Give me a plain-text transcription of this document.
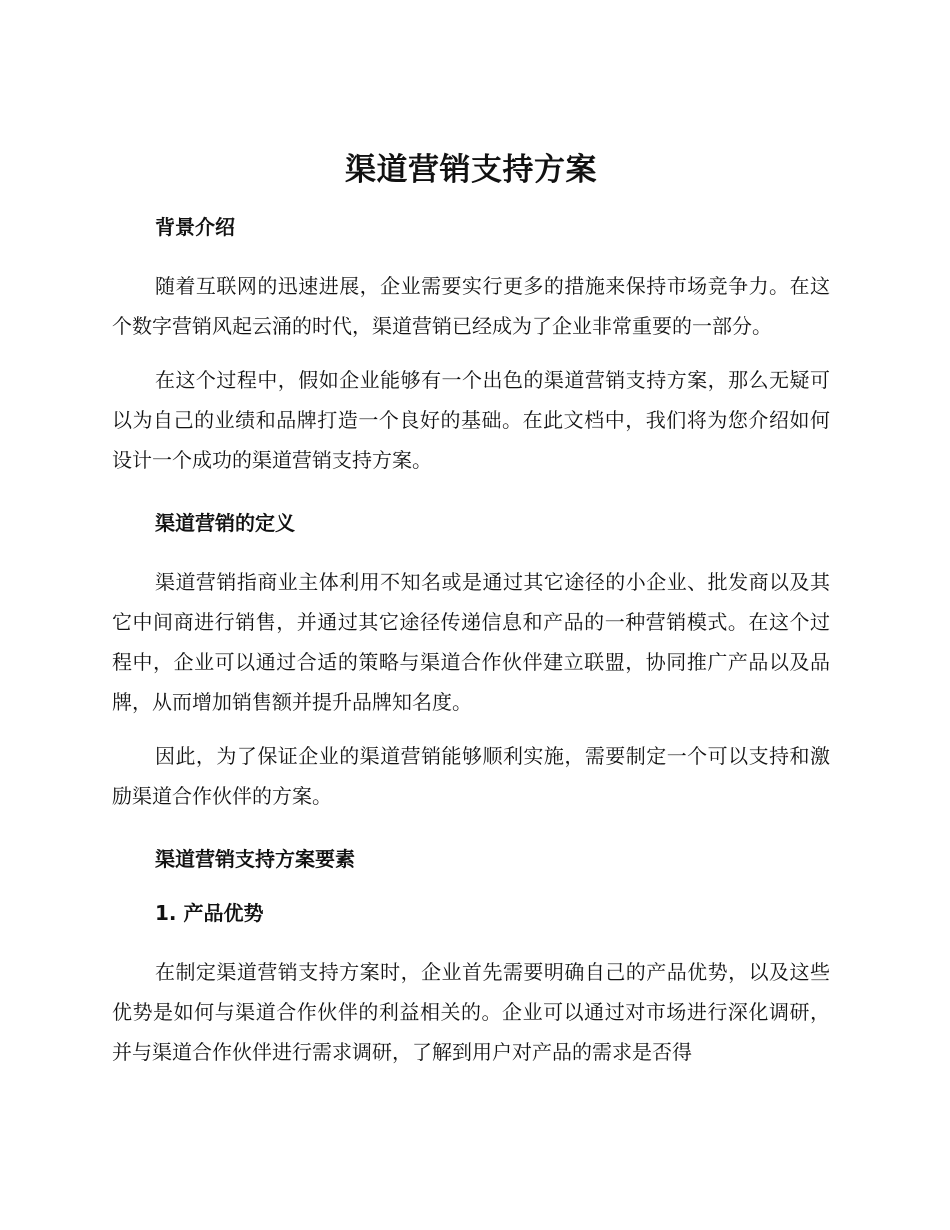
渠道营销支持方案
背景介绍

随着互联网的迅速进展，企业需要实行更多的措施来保持市场竞争力。在这个数字营销风起云涌的时代，渠道营销已经成为了企业非常重要的一部分。

在这个过程中，假如企业能够有一个出色的渠道营销支持方案，那么无疑可以为自己的业绩和品牌打造一个良好的基础。在此文档中，我们将为您介绍如何设计一个成功的渠道营销支持方案。

渠道营销的定义

渠道营销指商业主体利用不知名或是通过其它途径的小企业、批发商以及其它中间商进行销售，并通过其它途径传递信息和产品的一种营销模式。在这个过程中，企业可以通过合适的策略与渠道合作伙伴建立联盟，协同推广产品以及品牌，从而增加销售额并提升品牌知名度。

因此，为了保证企业的渠道营销能够顺利实施，需要制定一个可以支持和激励渠道合作伙伴的方案。

渠道营销支持方案要素
1. 产品优势

在制定渠道营销支持方案时，企业首先需要明确自己的产品优势，以及这些优势是如何与渠道合作伙伴的利益相关的。企业可以通过对市场进行深化调研，并与渠道合作伙伴进行需求调研，了解到用户对产品的需求是否得
